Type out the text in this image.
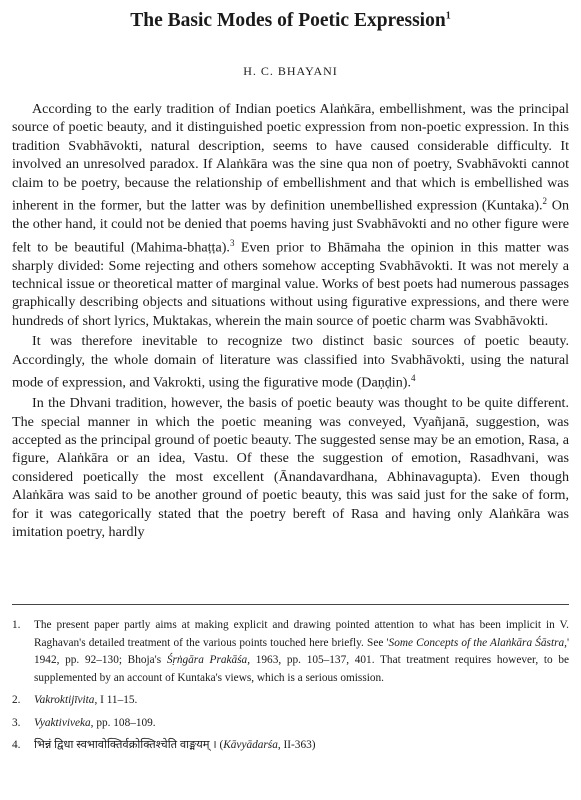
The Basic Modes of Poetic Expression$^1$
H. C. BHAYANI

According to the early tradition of Indian poetics Alaṅkāra, embellishment, was the principal source of poetic beauty, and it distinguished poetic expression from non-poetic expression. In this tradition Svabhāvokti, natural description, seems to have caused considerable difficulty. It involved an unresolved paradox. If Alaṅkāra was the sine qua non of poetry, Svabhāvokti cannot claim to be poetry, because the relationship of embellishment and that which is embellished was inherent in the former, but the latter was by definition unembellished expression (Kuntaka).$^2$ On the other hand, it could not be denied that poems having just Svabhāvokti and no other figure were felt to be beautiful (Mahima-bhaṭṭa).$^3$ Even prior to Bhāmaha the opinion in this matter was sharply divided: Some rejecting and others somehow accepting Svabhāvokti. It was not merely a technical issue or theoretical matter of marginal value. Works of best poets had numerous passages graphically describing objects and situations without using figurative expressions, and there were hundreds of short lyrics, Muktakas, wherein the main source of poetic charm was Svabhāvokti.

It was therefore inevitable to recognize two distinct basic sources of poetic beauty. Accordingly, the whole domain of literature was classified into Svabhāvokti, using the natural mode of expression, and Vakrokti, using the figurative mode (Daṇḍin).$^4$

In the Dhvani tradition, however, the basis of poetic beauty was thought to be quite different. The special manner in which the poetic meaning was conveyed, Vyañjanā, suggestion, was accepted as the principal ground of poetic beauty. The suggested sense may be an emotion, Rasa, a figure, Alaṅkāra or an idea, Vastu. Of these the suggestion of emotion, Rasadhvani, was considered poetically the most excellent (Ānandavardhana, Abhinavagupta). Even though Alaṅkāra was said to be another ground of poetic beauty, this was said just for the sake of form, for it was categorically stated that the poetry bereft of Rasa and having only Alaṅkāra was imitation poetry, hardly

1.	The present paper partly aims at making explicit and drawing pointed attention to what has been implicit in V. Raghavan's detailed treatment of the various points touched here briefly. See 'Some Concepts of the Alaṅkāra Śāstra,' 1942, pp. 92–130; Bhoja's Śṛṅgāra Prakāśa, 1963, pp. 105–137, 401. That treatment requires however, to be supplemented by an account of Kuntaka's views, which is a serious omission.
2.	Vakroktijīvita, I 11–15.
3.	Vyaktiviveka, pp. 108–109.
4.	भिन्नं द्विधा स्वभावोक्तिर्वक्रोक्तिश्चेति वाङ्मयम् । (Kāvyādarśa, II-363)
